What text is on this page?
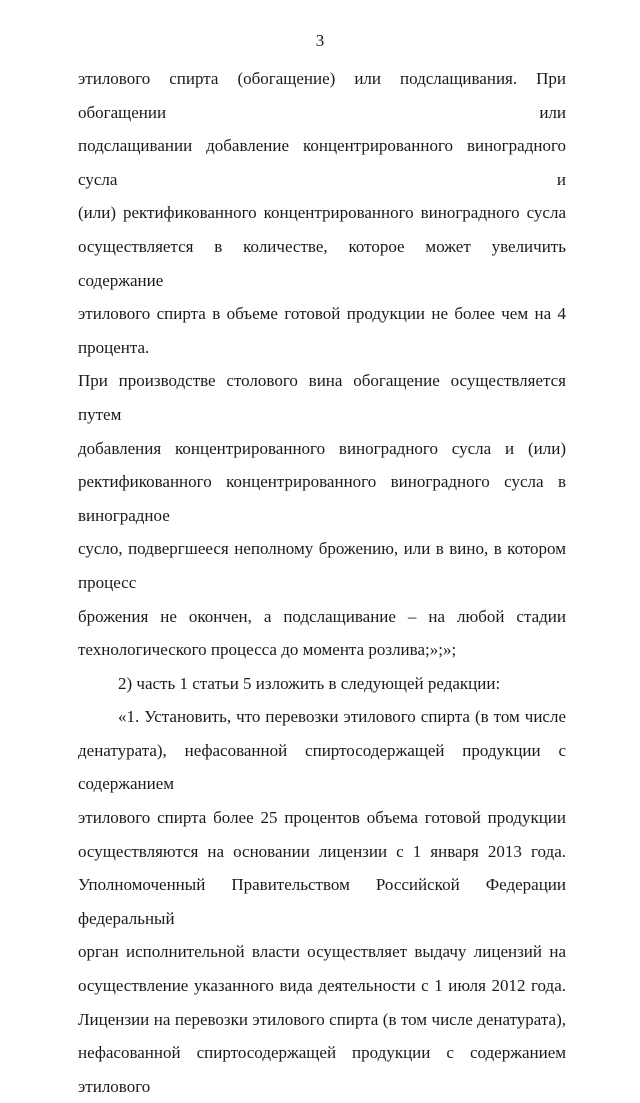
3

этилового спирта (обогащение) или подслащивания. При обогащении или

подслащивании добавление концентрированного виноградного сусла и

(или) ректификованного концентрированного виноградного сусла

осуществляется в количестве, которое может увеличить содержание

этилового спирта в объеме готовой продукции не более чем на 4 процента.

При производстве столового вина обогащение осуществляется путем

добавления концентрированного виноградного сусла и (или)

ректификованного концентрированного виноградного сусла в виноградное

сусло, подвергшееся неполному брожению, или в вино, в котором процесс

брожения не окончен, а подслащивание – на любой стадии

технологического процесса до момента розлива;»;»;

2) часть 1 статьи 5 изложить в следующей редакции:

«1. Установить, что перевозки этилового спирта (в том числе

денатурата), нефасованной спиртосодержащей продукции с содержанием

этилового спирта более 25 процентов объема готовой продукции

осуществляются на основании лицензии с 1 января 2013 года.

Уполномоченный Правительством Российской Федерации федеральный

орган исполнительной власти осуществляет выдачу лицензий на

осуществление указанного вида деятельности с 1 июля 2012 года.

Лицензии на перевозки этилового спирта (в том числе денатурата),

нефасованной спиртосодержащей продукции с содержанием этилового
